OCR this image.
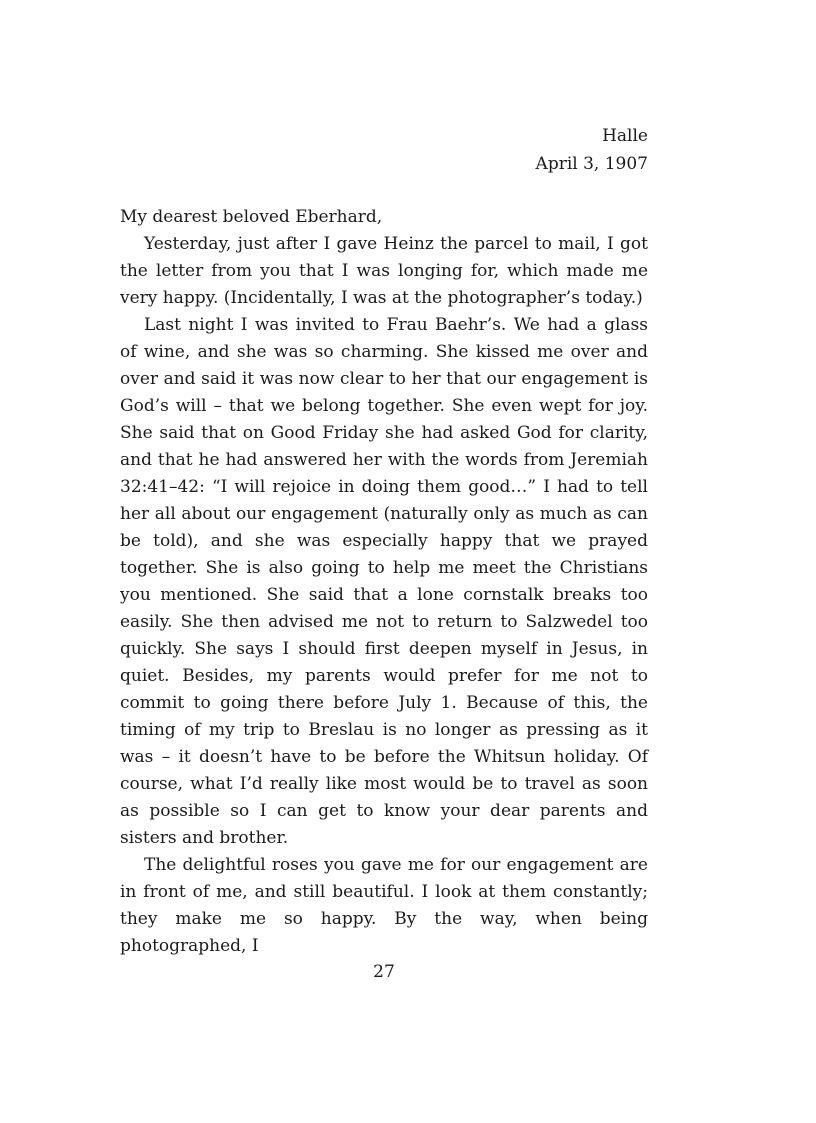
Halle
April 3, 1907
My dearest beloved Eberhard,

Yesterday, just after I gave Heinz the parcel to mail, I got the letter from you that I was longing for, which made me very happy. (Incidentally, I was at the photographer’s today.)

Last night I was invited to Frau Baehr’s. We had a glass of wine, and she was so charming. She kissed me over and over and said it was now clear to her that our engagement is God’s will – that we belong together. She even wept for joy. She said that on Good Friday she had asked God for clarity, and that he had answered her with the words from Jeremiah 32:41–42: “I will rejoice in doing them good…” I had to tell her all about our engagement (naturally only as much as can be told), and she was especially happy that we prayed together. She is also going to help me meet the Christians you mentioned. She said that a lone cornstalk breaks too easily. She then advised me not to return to Salzwedel too quickly. She says I should first deepen myself in Jesus, in quiet. Besides, my parents would prefer for me not to commit to going there before July 1. Because of this, the timing of my trip to Breslau is no longer as pressing as it was – it doesn’t have to be before the Whitsun holiday. Of course, what I’d really like most would be to travel as soon as possible so I can get to know your dear parents and sisters and brother.

The delightful roses you gave me for our engagement are in front of me, and still beautiful. I look at them constantly; they make me so happy. By the way, when being photographed, I

27
